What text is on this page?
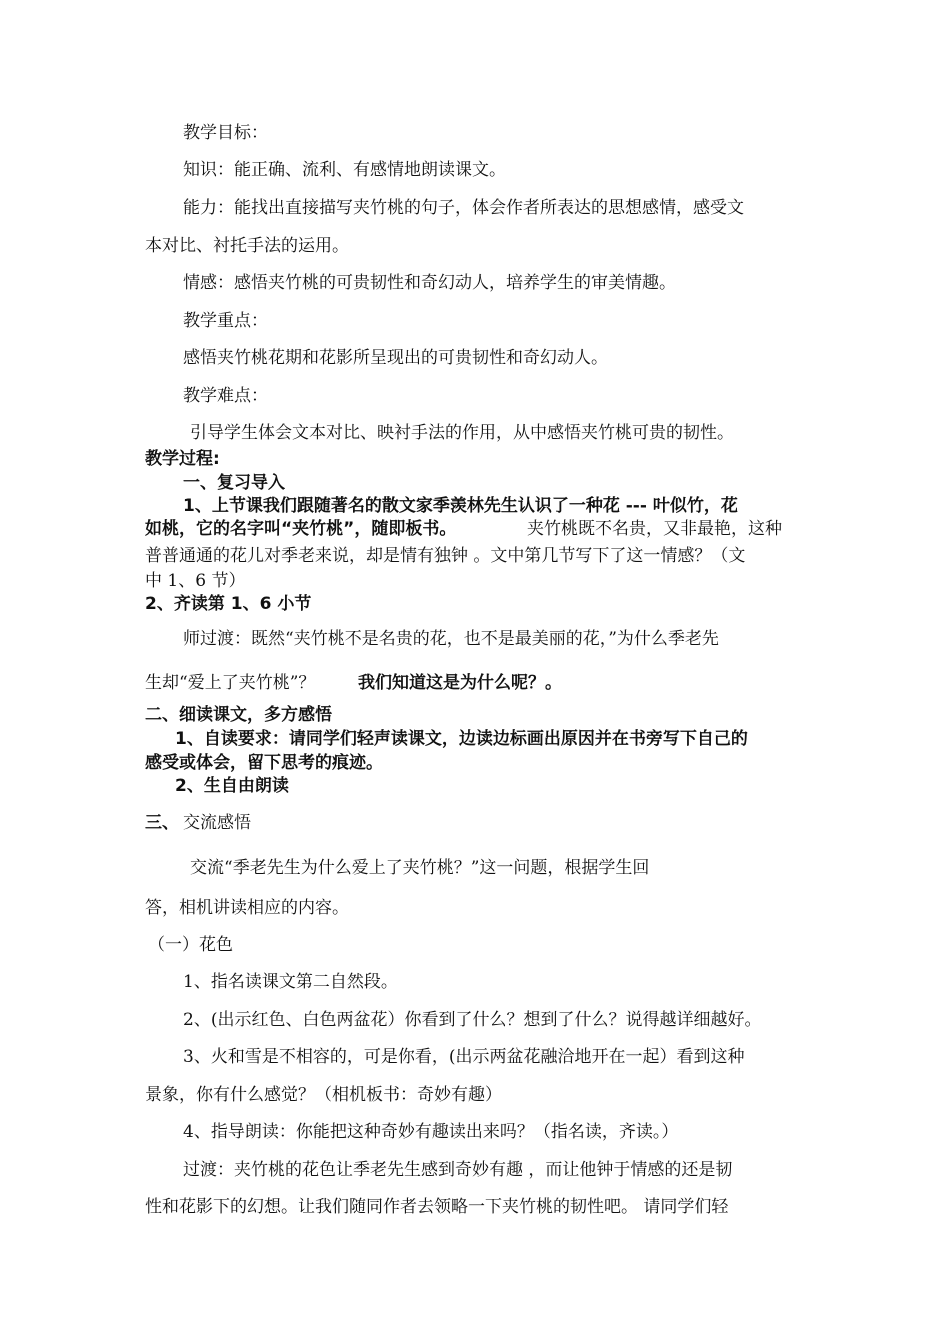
教学目标：
知识：能正确、流利、有感情地朗读课文。
能力：能找出直接描写夹竹桃的句子，体会作者所表达的思想感情，感受文
本对比、衬托手法的运用。
情感：感悟夹竹桃的可贵韧性和奇幻动人，培养学生的审美情趣。
教学重点：
感悟夹竹桃花期和花影所呈现出的可贵韧性和奇幻动人。
教学难点：
引导学生体会文本对比、映衬手法的作用，从中感悟夹竹桃可贵的韧性。
教学过程:
一、复习导入
1、上节课我们跟随著名的散文家季羡林先生认识了一种花 --- 叶似竹，花
如桃，它的名字叫“夹竹桃”，随即板书。	夹竹桃既不名贵，又非最艳，这种
普普通通的花儿对季老来说，却是情有独钟 。文中第几节写下了这一情感？（文
中 1、6 节）
2、齐读第 1、6 小节
师过渡：既然“夹竹桃不是名贵的花，也不是最美丽的花，”为什么季老先
生却“爱上了夹竹桃”？	我们知道这是为什么呢？。
二、细读课文，多方感悟
1、自读要求：请同学们轻声读课文，边读边标画出原因并在书旁写下自己的
感受或体会，留下思考的痕迹。
2、生自由朗读
三、 交流感悟
交流“季老先生为什么爱上了夹竹桃？”这一问题，根据学生回
答，相机讲读相应的内容。
（一）花色
1、指名读课文第二自然段。
2、(出示红色、白色两盆花）你看到了什么？想到了什么？说得越详细越好。
3、火和雪是不相容的，可是你看，(出示两盆花融洽地开在一起）看到这种
景象，你有什么感觉？（相机板书：奇妙有趣）
4、指导朗读：你能把这种奇妙有趣读出来吗？（指名读，齐读。）
过渡：夹竹桃的花色让季老先生感到奇妙有趣 ，而让他钟于情感的还是韧
性和花影下的幻想。让我们随同作者去领略一下夹竹桃的韧性吧。 请同学们轻
